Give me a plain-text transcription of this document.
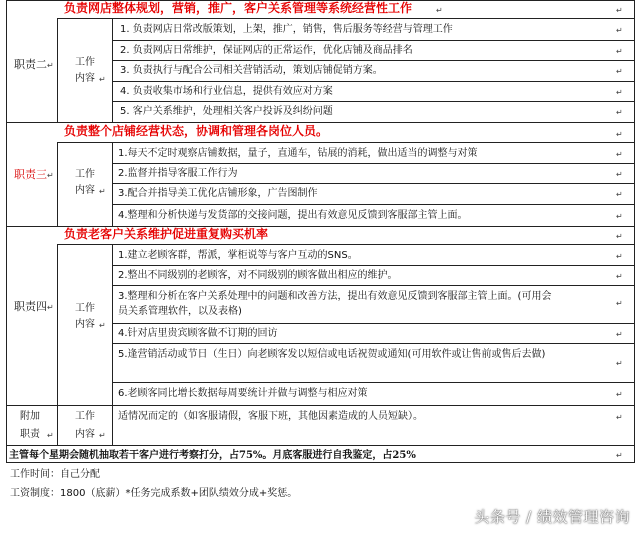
职责二
负责网店整体规划，营销，推广，客户关系管理等系统经营性工作
工作
内容
1. 负责网店日常改版策划，上架，推广，销售，售后服务等经营与管理工作
2. 负责网店日常维护，保证网店的正常运作，优化店铺及商品排名
3. 负责执行与配合公司相关营销活动，策划店铺促销方案。
4. 负责收集市场和行业信息，提供有效应对方案
5. 客户关系维护，处理相关客户投诉及纠纷问题
职责三
负责整个店铺经营状态，协调和管理各岗位人员。
工作
内容
1.每天不定时观察店铺数据，量子，直通车，钻展的消耗，做出适当的调整与对策
2.监督并指导客服工作行为
3.配合并指导美工优化店铺形象，广告图制作
4.整理和分析快递与发货部的交接问题，提出有效意见反馈到客服部主管上面。
职责四
负责老客户关系维护促进重复购买机率
工作
内容
1.建立老顾客群，帮派，掌柜说等与客户互动的SNS。
2.整出不同级别的老顾客，对不同级别的顾客做出相应的维护。
3.整理和分析在客户关系处理中的问题和改善方法，提出有效意见反馈到客服部主管上面。(可用会员关系管理软件，以及表格)
4.针对店里贵宾顾客做不订期的回访
5.逢营销活动或节日（生日）向老顾客发以短信或电话祝贺或通知(可用软件或让售前或售后去做)
6.老顾客同比增长数据每周要统计并做与调整与相应对策
附加
职责
工作
内容
适情况而定的（如客服请假，客服下班，其他因素造成的人员短缺）。
主管每个星期会随机抽取若干客户进行考察打分，占75%。月底客服进行自我鉴定，占25%
工作时间：自己分配
工资制度：1800（底薪）*任务完成系数+团队绩效分成+奖惩。
↵	↵
↵
↵
↵
↵
↵
↵
↵
↵
↵
↵
↵
↵
↵
↵
↵
↵
↵
↵
↵
↵
↵
↵
↵
↵
↵
↵
↵
头条号 / 绩效管理咨询
